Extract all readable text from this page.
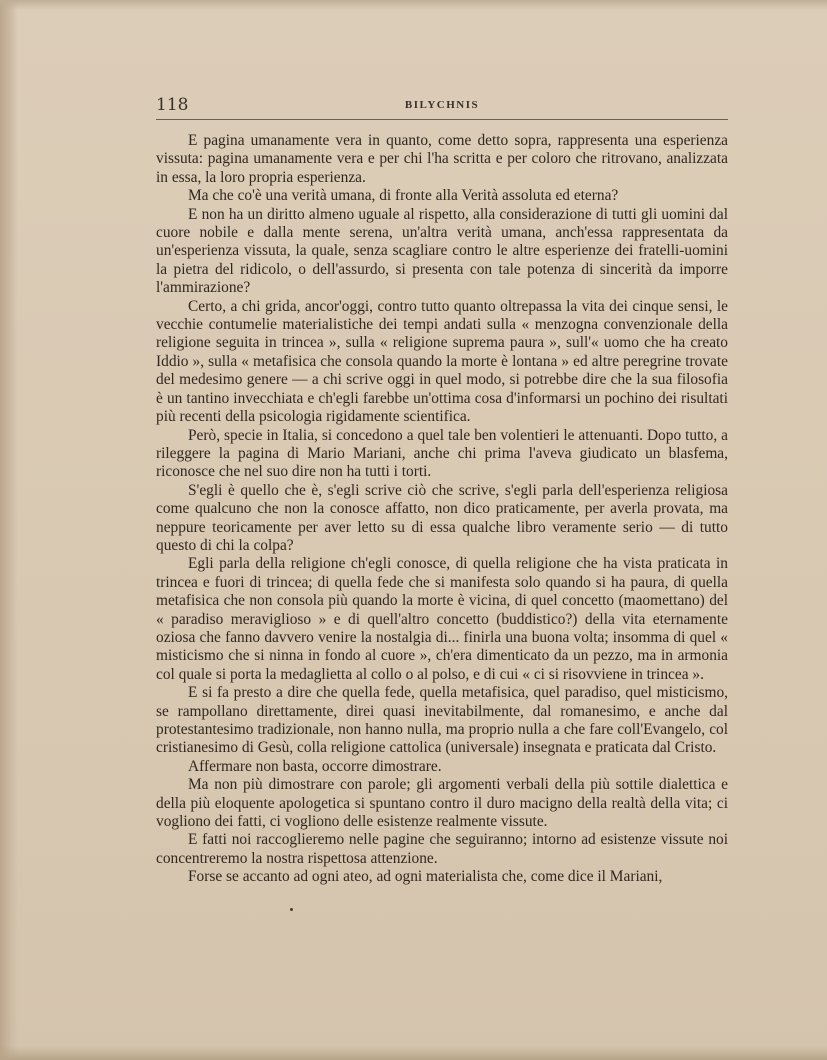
118	BILYCHNIS

E pagina umanamente vera in quanto, come detto sopra, rappresenta una esperienza vissuta: pagina umanamente vera e per chi l'ha scritta e per coloro che ritrovano, analizzata in essa, la loro propria esperienza.

Ma che co'è una verità umana, di fronte alla Verità assoluta ed eterna?

E non ha un diritto almeno uguale al rispetto, alla considerazione di tutti gli uomini dal cuore nobile e dalla mente serena, un'altra verità umana, anch'essa rappresentata da un'esperienza vissuta, la quale, senza scagliare contro le altre esperienze dei fratelli-uomini la pietra del ridicolo, o dell'assurdo, si presenta con tale potenza di sincerità da imporre l'ammirazione?

Certo, a chi grida, ancor'oggi, contro tutto quanto oltrepassa la vita dei cinque sensi, le vecchie contumelie materialistiche dei tempi andati sulla « menzogna convenzionale della religione seguita in trincea », sulla « religione suprema paura », sull'« uomo che ha creato Iddio », sulla « metafisica che consola quando la morte è lontana » ed altre peregrine trovate del medesimo genere — a chi scrive oggi in quel modo, si potrebbe dire che la sua filosofia è un tantino invecchiata e ch'egli farebbe un'ottima cosa d'informarsi un pochino dei risultati più recenti della psicologia rigidamente scientifica.

Però, specie in Italia, si concedono a quel tale ben volentieri le attenuanti. Dopo tutto, a rileggere la pagina di Mario Mariani, anche chi prima l'aveva giudicato un blasfema, riconosce che nel suo dire non ha tutti i torti.

S'egli è quello che è, s'egli scrive ciò che scrive, s'egli parla dell'esperienza religiosa come qualcuno che non la conosce affatto, non dico praticamente, per averla provata, ma neppure teoricamente per aver letto su di essa qualche libro veramente serio — di tutto questo di chi la colpa?

Egli parla della religione ch'egli conosce, di quella religione che ha vista praticata in trincea e fuori di trincea; di quella fede che si manifesta solo quando si ha paura, di quella metafisica che non consola più quando la morte è vicina, di quel concetto (maomettano) del « paradiso meraviglioso » e di quell'altro concetto (buddistico?) della vita eternamente oziosa che fanno davvero venire la nostalgia di... finirla una buona volta; insomma di quel « misticismo che si ninna in fondo al cuore », ch'era dimenticato da un pezzo, ma in armonia col quale si porta la medaglietta al collo o al polso, e di cui « ci si risovviene in trincea ».

E si fa presto a dire che quella fede, quella metafisica, quel paradiso, quel misticismo, se rampollano direttamente, direi quasi inevitabilmente, dal romanesimo, e anche dal protestantesimo tradizionale, non hanno nulla, ma proprio nulla a che fare coll'Evangelo, col cristianesimo di Gesù, colla religione cattolica (universale) insegnata e praticata dal Cristo.

Affermare non basta, occorre dimostrare.

Ma non più dimostrare con parole; gli argomenti verbali della più sottile dialettica e della più eloquente apologetica si spuntano contro il duro macigno della realtà della vita; ci vogliono dei fatti, ci vogliono delle esistenze realmente vissute.

E fatti noi raccoglieremo nelle pagine che seguiranno; intorno ad esistenze vissute noi concentreremo la nostra rispettosa attenzione.

Forse se accanto ad ogni ateo, ad ogni materialista che, come dice il Mariani,
